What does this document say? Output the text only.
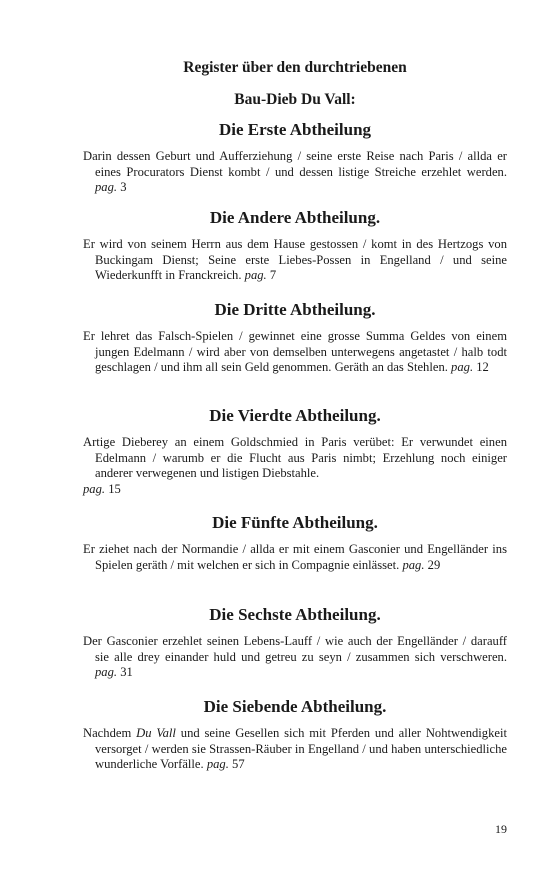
Register über den durchtriebenen
Bau-Dieb Du Vall:
Die Erste Abtheilung

Darin dessen Geburt und Aufferziehung / seine erste Reise nach Paris / allda er eines Procurators Dienst kombt / und dessen listige Streiche erzehlet werden. pag. 3

Die Andere Abtheilung.

Er wird von seinem Herrn aus dem Hause gestossen / komt in des Hertzogs von Buckingam Dienst; Seine erste Liebes-Possen in Engelland / und seine Wiederkunfft in Franckreich. pag. 7

Die Dritte Abtheilung.

Er lehret das Falsch-Spielen / gewinnet eine grosse Summa Geldes von einem jungen Edelmann / wird aber von demselben unterwegens angetastet / halb todt geschlagen / und ihm all sein Geld genommen. Geräth an das Stehlen. pag. 12

Die Vierdte Abtheilung.

Artige Dieberey an einem Goldschmied in Paris verübet: Er verwundet einen Edelmann / warumb er die Flucht aus Paris nimbt; Erzehlung noch einiger anderer verwegenen und listigen Diebstahle.

pag. 15

Die Fünfte Abtheilung.

Er ziehet nach der Normandie / allda er mit einem Gasconier und Engelländer ins Spielen geräth / mit welchen er sich in Compagnie einlässet. pag. 29

Die Sechste Abtheilung.

Der Gasconier erzehlet seinen Lebens-Lauff / wie auch der Engelländer / darauff sie alle drey einander huld und getreu zu seyn / zusammen sich verschweren. pag. 31

Die Siebende Abtheilung.

Nachdem Du Vall und seine Gesellen sich mit Pferden und aller Nohtwendigkeit versorget / werden sie Strassen-Räuber in Engelland / und haben unterschiedliche wunderliche Vorfälle. pag. 57

19
